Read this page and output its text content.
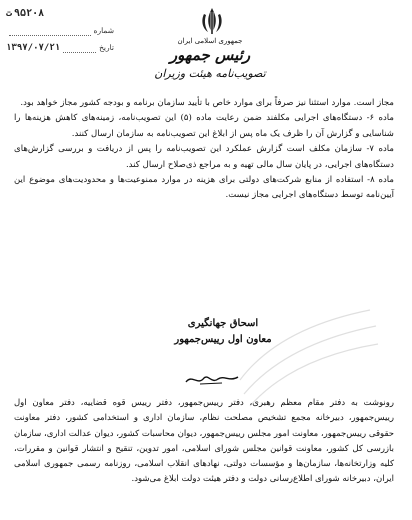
ت ۹۵۲۰۸
شماره
۱۳۹۷/۰۷/۲۱	تاریخ
جمهوری اسلامی ایران
رئیس جمهور
تصویب‌نامه هیئت وزیران

مجاز است. موارد استثنا نیز صرفاً برای موارد خاص با تأیید سازمان برنامه و بودجه کشور مجاز خواهد بود.

ماده ۶- دستگاه‌های اجرایی مکلفند ضمن رعایت ماده (۵) این تصویب‌نامه، زمینه‌های کاهش هزینه‌ها را شناسایی و گزارش آن را ظرف یک ماه پس از ابلاغ این تصویب‌نامه به سازمان ارسال کنند.

ماده ۷- سازمان مکلف است گزارش عملکرد این تصویب‌نامه را پس از دریافت و بررسی گزارش‌های دستگاه‌های اجرایی، در پایان سال مالی تهیه و به مراجع ذی‌صلاح ارسال کند.

ماده ۸- استفاده از منابع شرکت‌های دولتی برای هزینه در موارد ممنوعیت‌ها و محدودیت‌های موضوع این آیین‌نامه توسط دستگاه‌های اجرایی مجاز نیست.

اسحاق جهانگیری
معاون اول رییس‌جمهور
رونوشت به دفتر مقام معظم رهبری، دفتر رییس‌جمهور، دفتر رییس قوه قضاییه، دفتر معاون اول رییس‌جمهور، دبیرخانه مجمع تشخیص مصلحت نظام، سازمان اداری و استخدامی کشور، دفتر معاونت حقوقی رییس‌جمهور، معاونت امور مجلس رییس‌جمهور، دیوان محاسبات کشور، دیوان عدالت اداری، سازمان بازرسی کل کشور، معاونت قوانین مجلس شورای اسلامی، امور تدوین، تنقیح و انتشار قوانین و مقررات، کلیه وزارتخانه‌ها، سازمان‌ها و مؤسسات دولتی، نهادهای انقلاب اسلامی، روزنامه رسمی جمهوری اسلامی ایران، دبیرخانه شورای اطلاع‌رسانی دولت و دفتر هیئت دولت ابلاغ می‌شود.
